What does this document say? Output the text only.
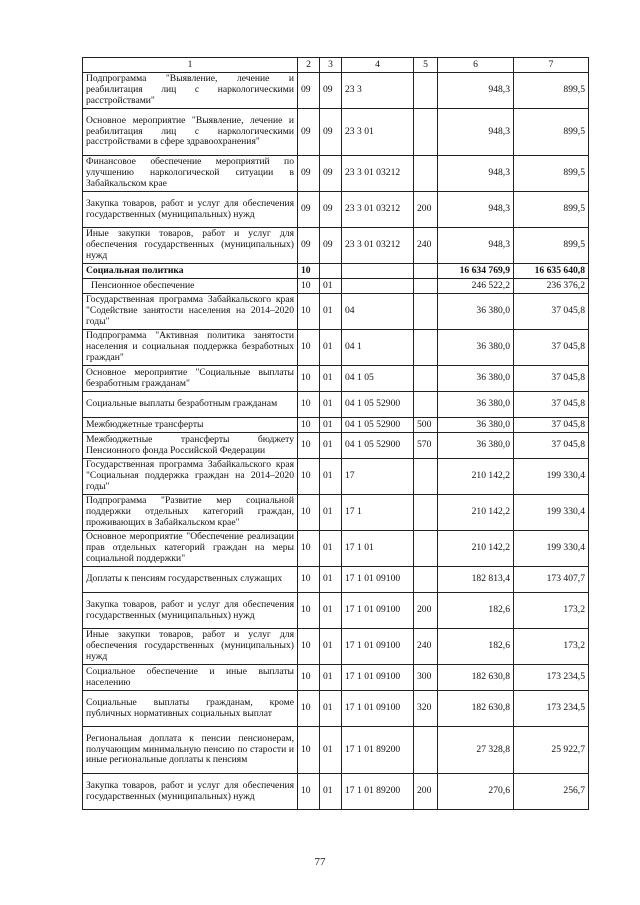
1	2	3	4	5	6	7
Подпрограмма "Выявление, лечение и реабилитация лиц с наркологическими расстройствами"	09	09	23 3		948,3	899,5
Основное мероприятие "Выявление, лечение и реабилитация лиц с наркологическими расстройствами в сфере здравоохранения"	09	09	23 3 01		948,3	899,5
Финансовое обеспечение мероприятий по улучшению наркологической ситуации в Забайкальском крае	09	09	23 3 01 03212		948,3	899,5
Закупка товаров, работ и услуг для обеспечения государственных (муниципальных) нужд	09	09	23 3 01 03212	200	948,3	899,5
Иные закупки товаров, работ и услуг для обеспечения государственных (муниципальных) нужд	09	09	23 3 01 03212	240	948,3	899,5
Социальная политика	10				16 634 769,9	16 635 640,8
Пенсионное обеспечение	10	01			246 522,2	236 376,2
Государственная программа Забайкальского края "Содействие занятости населения на 2014–2020 годы"	10	01	04		36 380,0	37 045,8
Подпрограмма "Активная политика занятости населения и социальная поддержка безработных граждан"	10	01	04 1		36 380,0	37 045,8
Основное мероприятие "Социальные выплаты безработным гражданам"	10	01	04 1 05		36 380,0	37 045,8
Социальные выплаты безработным гражданам	10	01	04 1 05 52900		36 380,0	37 045,8
Межбюджетные трансферты	10	01	04 1 05 52900	500	36 380,0	37 045,8
Межбюджетные трансферты бюджету Пенсионного фонда Российской Федерации	10	01	04 1 05 52900	570	36 380,0	37 045,8
Государственная программа Забайкальского края "Социальная поддержка граждан на 2014–2020 годы"	10	01	17		210 142,2	199 330,4
Подпрограмма "Развитие мер социальной поддержки отдельных категорий граждан, проживающих в Забайкальском крае"	10	01	17 1		210 142,2	199 330,4
Основное мероприятие "Обеспечение реализации прав отдельных категорий граждан на меры социальной поддержки"	10	01	17 1 01		210 142,2	199 330,4
Доплаты к пенсиям государственных служащих	10	01	17 1 01 09100		182 813,4	173 407,7
Закупка товаров, работ и услуг для обеспечения государственных (муниципальных) нужд	10	01	17 1 01 09100	200	182,6	173,2
Иные закупки товаров, работ и услуг для обеспечения государственных (муниципальных) нужд	10	01	17 1 01 09100	240	182,6	173,2
Социальное обеспечение и иные выплаты населению	10	01	17 1 01 09100	300	182 630,8	173 234,5
Социальные выплаты гражданам, кроме публичных нормативных социальных выплат	10	01	17 1 01 09100	320	182 630,8	173 234,5
Региональная доплата к пенсии пенсионерам, получающим минимальную пенсию по старости и иные региональные доплаты к пенсиям	10	01	17 1 01 89200		27 328,8	25 922,7
Закупка товаров, работ и услуг для обеспечения государственных (муниципальных) нужд	10	01	17 1 01 89200	200	270,6	256,7
77
